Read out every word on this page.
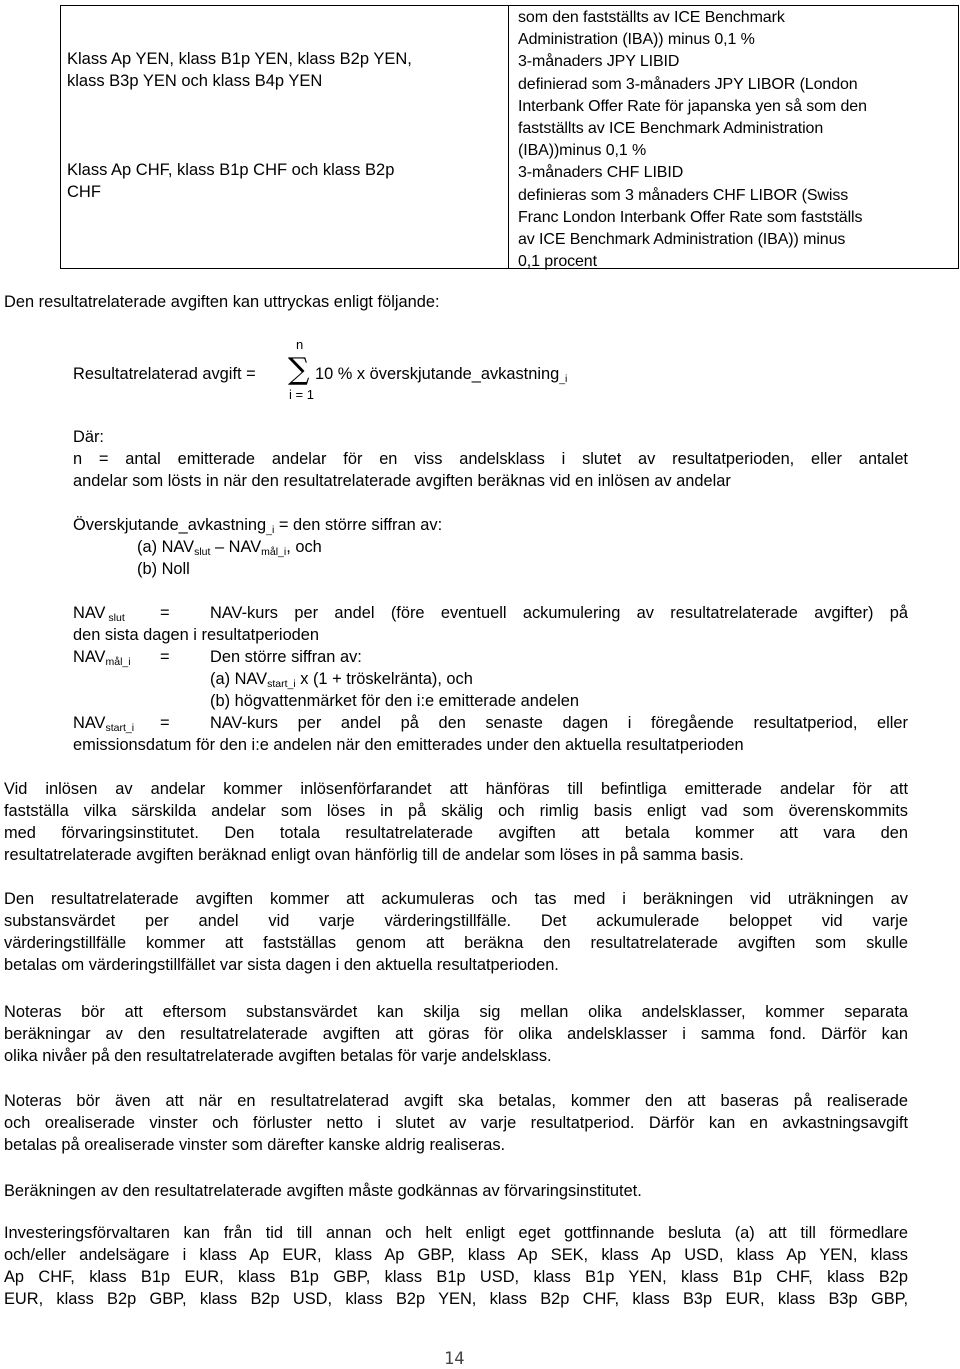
Klass Ap YEN, klass B1p YEN, klass B2p YEN,
klass B3p YEN och klass B4p YEN
Klass Ap CHF, klass B1p CHF och klass B2p
CHF
som den fastställts av ICE Benchmark
Administration (IBA)) minus 0,1 %
3-månaders JPY LIBID
definierad som 3-månaders JPY LIBOR (London
Interbank Offer Rate för japanska yen så som den
fastställts av ICE Benchmark Administration
(IBA))minus 0,1 %
3-månaders CHF LIBID
definieras som 3 månaders CHF LIBOR (Swiss
Franc London Interbank Offer Rate som fastställs
av ICE Benchmark Administration (IBA)) minus
0,1 procent
Den resultatrelaterade avgiften kan uttryckas enligt följande:
n
Resultatrelaterad avgift = ∑ 10 % x överskjutande_avkastning$_{\_i}$
i = 1
Där:
n = antal emitterade andelar för en viss andelsklass i slutet av resultatperioden, eller antalet
andelar som lösts in när den resultatrelaterade avgiften beräknas vid en inlösen av andelar
Överskjutande_avkastning$_{\_i}$ = den större siffran av:
(a) $NAV_{slut} - NAV_{mål\_i}$, och
(b) Noll
NAV $_{slut}$ = NAV-kurs per andel (före eventuell ackumulering av resultatrelaterade avgifter) på
den sista dagen i resultatperioden
$NAV_{mål\_i}$ = Den större siffran av:
(a) $NAV_{start\_i}$ x (1 + tröskelränta), och
(b) högvattenmärket för den i:e emitterade andelen
$NAV_{start\_i}$ = NAV-kurs per andel på den senaste dagen i föregående resultatperiod, eller
emissionsdatum för den i:e andelen när den emitterades under den aktuella resultatperioden
Vid inlösen av andelar kommer inlösenförfarandet att hänföras till befintliga emitterade andelar för att
fastställa vilka särskilda andelar som löses in på skälig och rimlig basis enligt vad som överenskommits
med förvaringsinstitutet. Den totala resultatrelaterade avgiften att betala kommer att vara den
resultatrelaterade avgiften beräknad enligt ovan hänförlig till de andelar som löses in på samma basis.
Den resultatrelaterade avgiften kommer att ackumuleras och tas med i beräkningen vid uträkningen av
substansvärdet per andel vid varje värderingstillfälle. Det ackumulerade beloppet vid varje
värderingstillfälle kommer att fastställas genom att beräkna den resultatrelaterade avgiften som skulle
betalas om värderingstillfället var sista dagen i den aktuella resultatperioden.
Noteras bör att eftersom substansvärdet kan skilja sig mellan olika andelsklasser, kommer separata
beräkningar av den resultatrelaterade avgiften att göras för olika andelsklasser i samma fond. Därför kan
olika nivåer på den resultatrelaterade avgiften betalas för varje andelsklass.
Noteras bör även att när en resultatrelaterad avgift ska betalas, kommer den att baseras på realiserade
och orealiserade vinster och förluster netto i slutet av varje resultatperiod. Därför kan en avkastningsavgift
betalas på orealiserade vinster som därefter kanske aldrig realiseras.
Beräkningen av den resultatrelaterade avgiften måste godkännas av förvaringsinstitutet.
Investeringsförvaltaren kan från tid till annan och helt enligt eget gottfinnande besluta (a) att till förmedlare
och/eller andelsägare i klass Ap EUR, klass Ap GBP, klass Ap SEK, klass Ap USD, klass Ap YEN, klass
Ap CHF, klass B1p EUR, klass B1p GBP, klass B1p USD, klass B1p YEN, klass B1p CHF, klass B2p
EUR, klass B2p GBP, klass B2p USD, klass B2p YEN, klass B2p CHF, klass B3p EUR, klass B3p GBP,
14
